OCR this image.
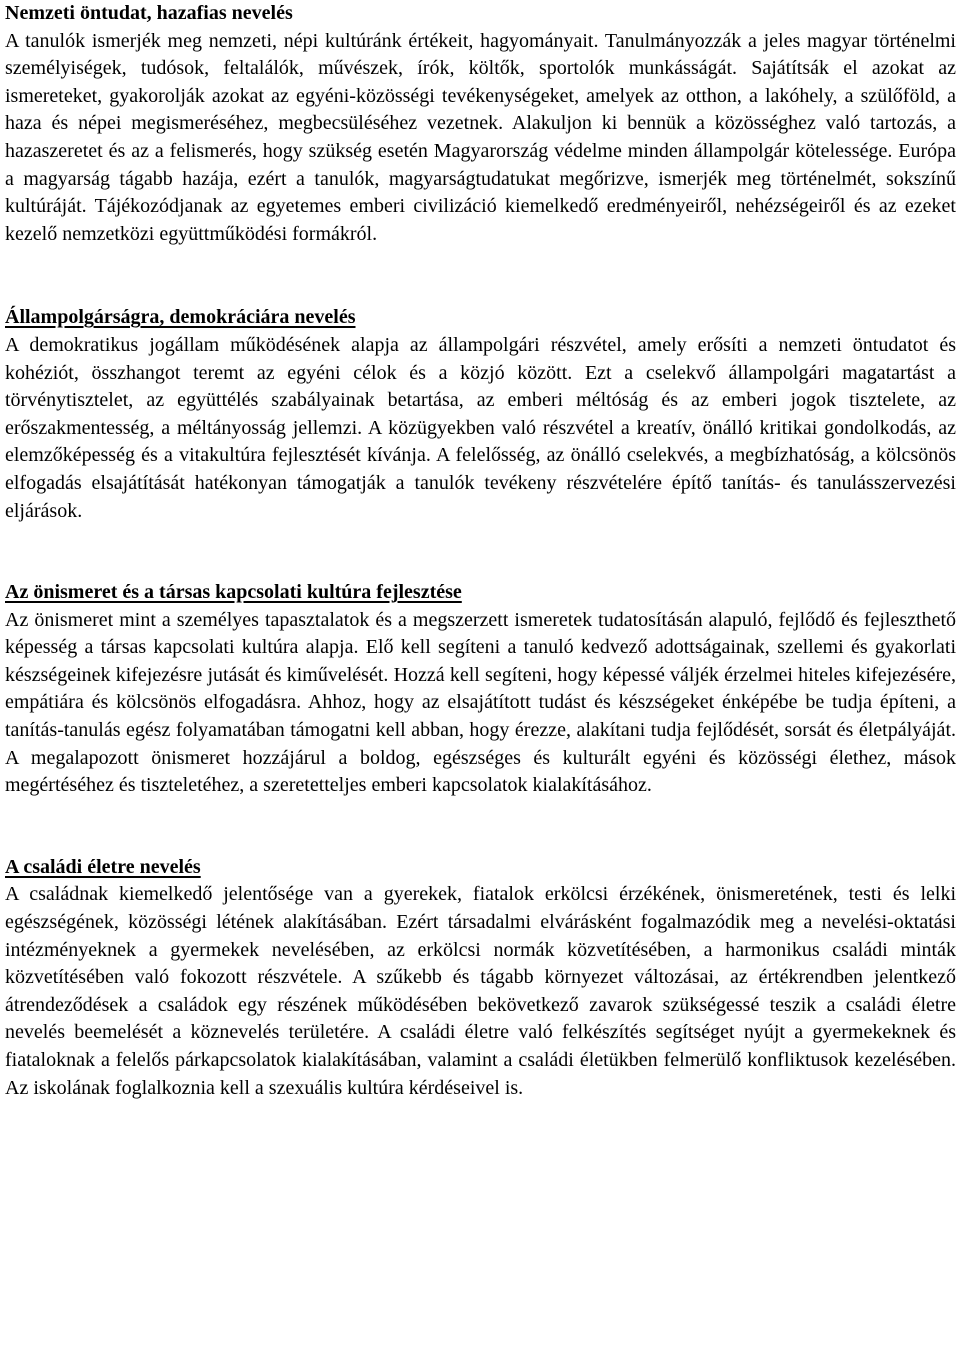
Nemzeti öntudat, hazafias nevelés
A tanulók ismerjék meg nemzeti, népi kultúránk értékeit, hagyományait. Tanulmányozzák a jeles magyar történelmi személyiségek, tudósok, feltalálók, művészek, írók, költők, sportolók munkásságát. Sajátítsák el azokat az ismereteket, gyakorolják azokat az egyéni-közösségi tevékenységeket, amelyek az otthon, a lakóhely, a szülőföld, a haza és népei megismeréséhez, megbecsüléséhez vezetnek. Alakuljon ki bennük a közösséghez való tartozás, a hazaszeretet és az a felismerés, hogy szükség esetén Magyarország védelme minden állampolgár kötelessége. Európa a magyarság tágabb hazája, ezért a tanulók, magyarságtudatukat megőrizve, ismerjék meg történelmét, sokszínű kultúráját. Tájékozódjanak az egyetemes emberi civilizáció kiemelkedő eredményeiről, nehézségeiről és az ezeket kezelő nemzetközi együttműködési formákról.
Állampolgárságra, demokráciára nevelés
A demokratikus jogállam működésének alapja az állampolgári részvétel, amely erősíti a nemzeti öntudatot és kohéziót, összhangot teremt az egyéni célok és a közjó között. Ezt a cselekvő állampolgári magatartást a törvénytisztelet, az együttélés szabályainak betartása, az emberi méltóság és az emberi jogok tisztelete, az erőszakmentesség, a méltányosság jellemzi. A közügyekben való részvétel a kreatív, önálló kritikai gondolkodás, az elemzőképesség és a vitakultúra fejlesztését kívánja. A felelősség, az önálló cselekvés, a megbízhatóság, a kölcsönös elfogadás elsajátítását hatékonyan támogatják a tanulók tevékeny részvételére építő tanítás- és tanulásszervezési eljárások.
Az önismeret és a társas kapcsolati kultúra fejlesztése
Az önismeret mint a személyes tapasztalatok és a megszerzett ismeretek tudatosításán alapuló, fejlődő és fejleszthető képesség a társas kapcsolati kultúra alapja. Elő kell segíteni a tanuló kedvező adottságainak, szellemi és gyakorlati készségeinek kifejezésre jutását és kiművelését. Hozzá kell segíteni, hogy képessé váljék érzelmei hiteles kifejezésére, empátiára és kölcsönös elfogadásra. Ahhoz, hogy az elsajátított tudást és készségeket énképébe be tudja építeni, a tanítás-tanulás egész folyamatában támogatni kell abban, hogy érezze, alakítani tudja fejlődését, sorsát és életpályáját. A megalapozott önismeret hozzájárul a boldog, egészséges és kulturált egyéni és közösségi élethez, mások megértéséhez és tiszteletéhez, a szeretetteljes emberi kapcsolatok kialakításához.
A családi életre nevelés
A családnak kiemelkedő jelentősége van a gyerekek, fiatalok erkölcsi érzékének, önismeretének, testi és lelki egészségének, közösségi létének alakításában. Ezért társadalmi elvárásként fogalmazódik meg a nevelési-oktatási intézményeknek a gyermekek nevelésében, az erkölcsi normák közvetítésében, a harmonikus családi minták közvetítésében való fokozott részvétele. A szűkebb és tágabb környezet változásai, az értékrendben jelentkező átrendeződések a családok egy részének működésében bekövetkező zavarok szükségessé teszik a családi életre nevelés beemelését a köznevelés területére. A családi életre való felkészítés segítséget nyújt a gyermekeknek és fiataloknak a felelős párkapcsolatok kialakításában, valamint a családi életükben felmerülő konfliktusok kezelésében. Az iskolának foglalkoznia kell a szexuális kultúra kérdéseivel is.
